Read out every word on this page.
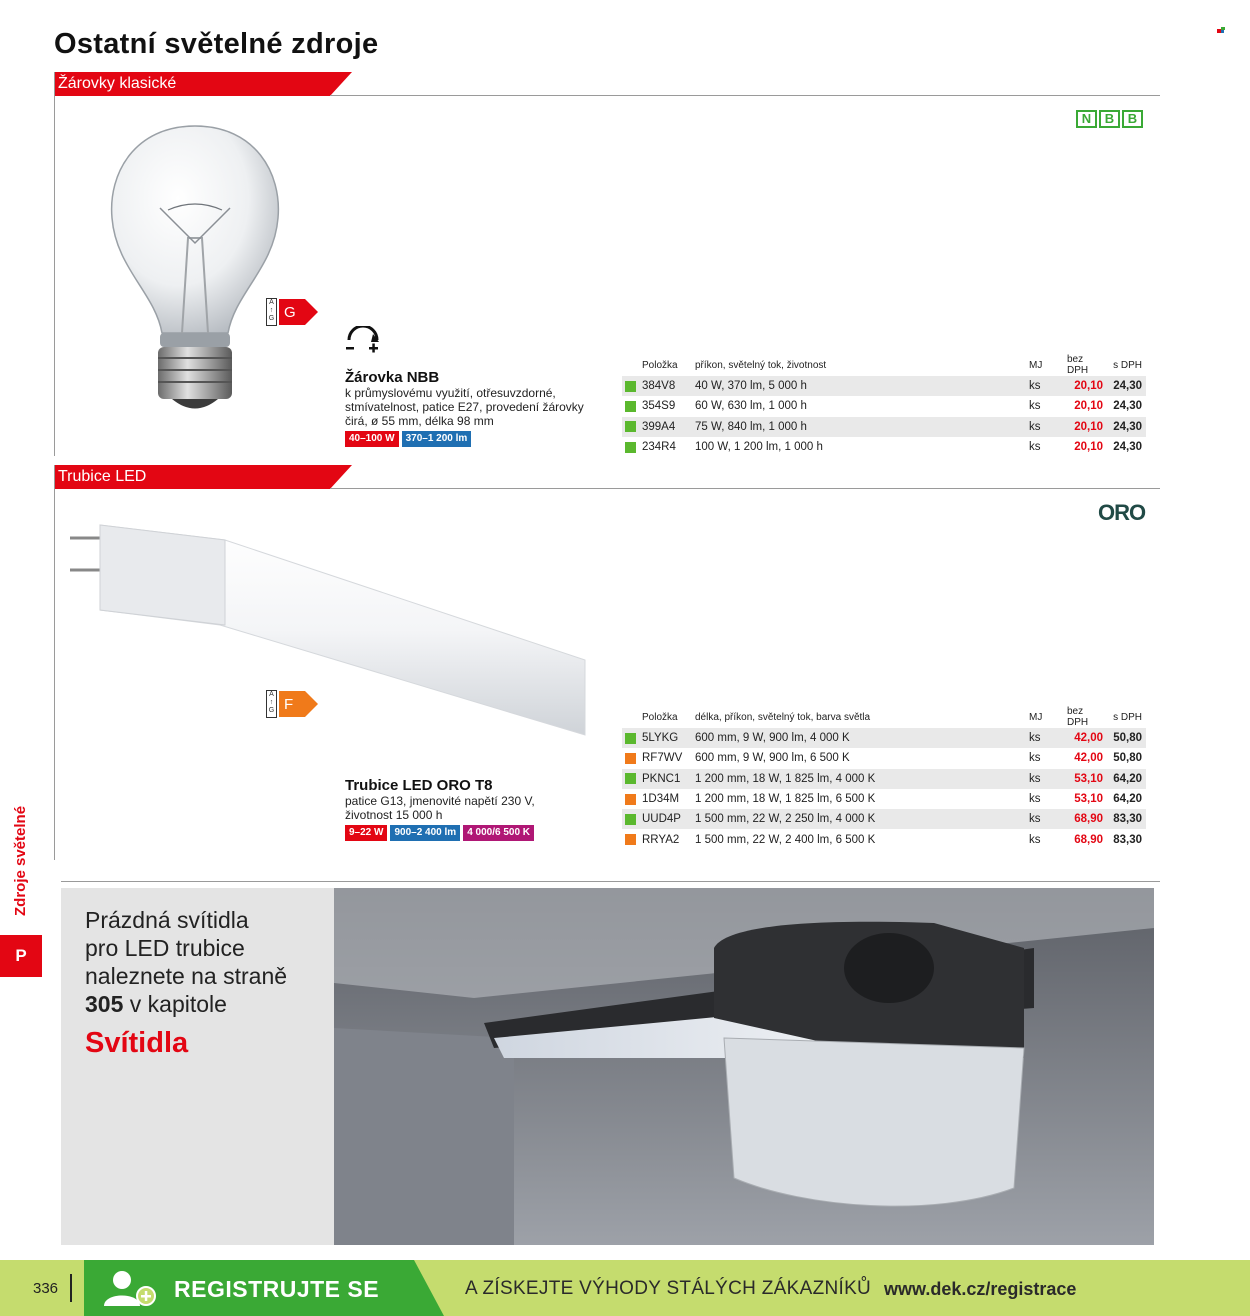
Ostatní světelné zdroje
Žárovky klasické
N	B	B
A
↑
G G
Žárovka NBB
k průmyslovému využití, otřesuvzdorné,
stmívatelnost, patice E27, provedení žárovky
čirá, ø 55 mm, délka 98 mm
40–100 W	370–1 200 lm
	Položka	příkon, světelný tok, životnost	MJ	bez DPH	s DPH
	384V8	40 W, 370 lm, 5 000 h	ks	20,10	24,30
	354S9	60 W, 630 lm, 1 000 h	ks	20,10	24,30
	399A4	75 W, 840 lm, 1 000 h	ks	20,10	24,30
	234R4	100 W, 1 200 lm, 1 000 h	ks	20,10	24,30
Trubice LED
ORO
A
↑
G F
Trubice LED ORO T8
patice G13, jmenovité napětí 230 V,
životnost 15 000 h
9–22 W	900–2 400 lm	4 000/6 500 K
	Položka	délka, příkon, světelný tok, barva světla	MJ	bez DPH	s DPH
	5LYKG	600 mm, 9 W, 900 lm, 4 000 K	ks	42,00	50,80
	RF7WV	600 mm, 9 W, 900 lm, 6 500 K	ks	42,00	50,80
	PKNC1	1 200 mm, 18 W, 1 825 lm, 4 000 K	ks	53,10	64,20
	1D34M	1 200 mm, 18 W, 1 825 lm, 6 500 K	ks	53,10	64,20
	UUD4P	1 500 mm, 22 W, 2 250 lm, 4 000 K	ks	68,90	83,30
	RRYA2	1 500 mm, 22 W, 2 400 lm, 6 500 K	ks	68,90	83,30
Zdroje světelné
P
Prázdná svítidla
pro LED trubice
naleznete na straně
305 v kapitole
Svítidla
336	REGISTRUJTE SE	A ZÍSKEJTE VÝHODY STÁLÝCH ZÁKAZNÍKŮ www.dek.cz/registrace
